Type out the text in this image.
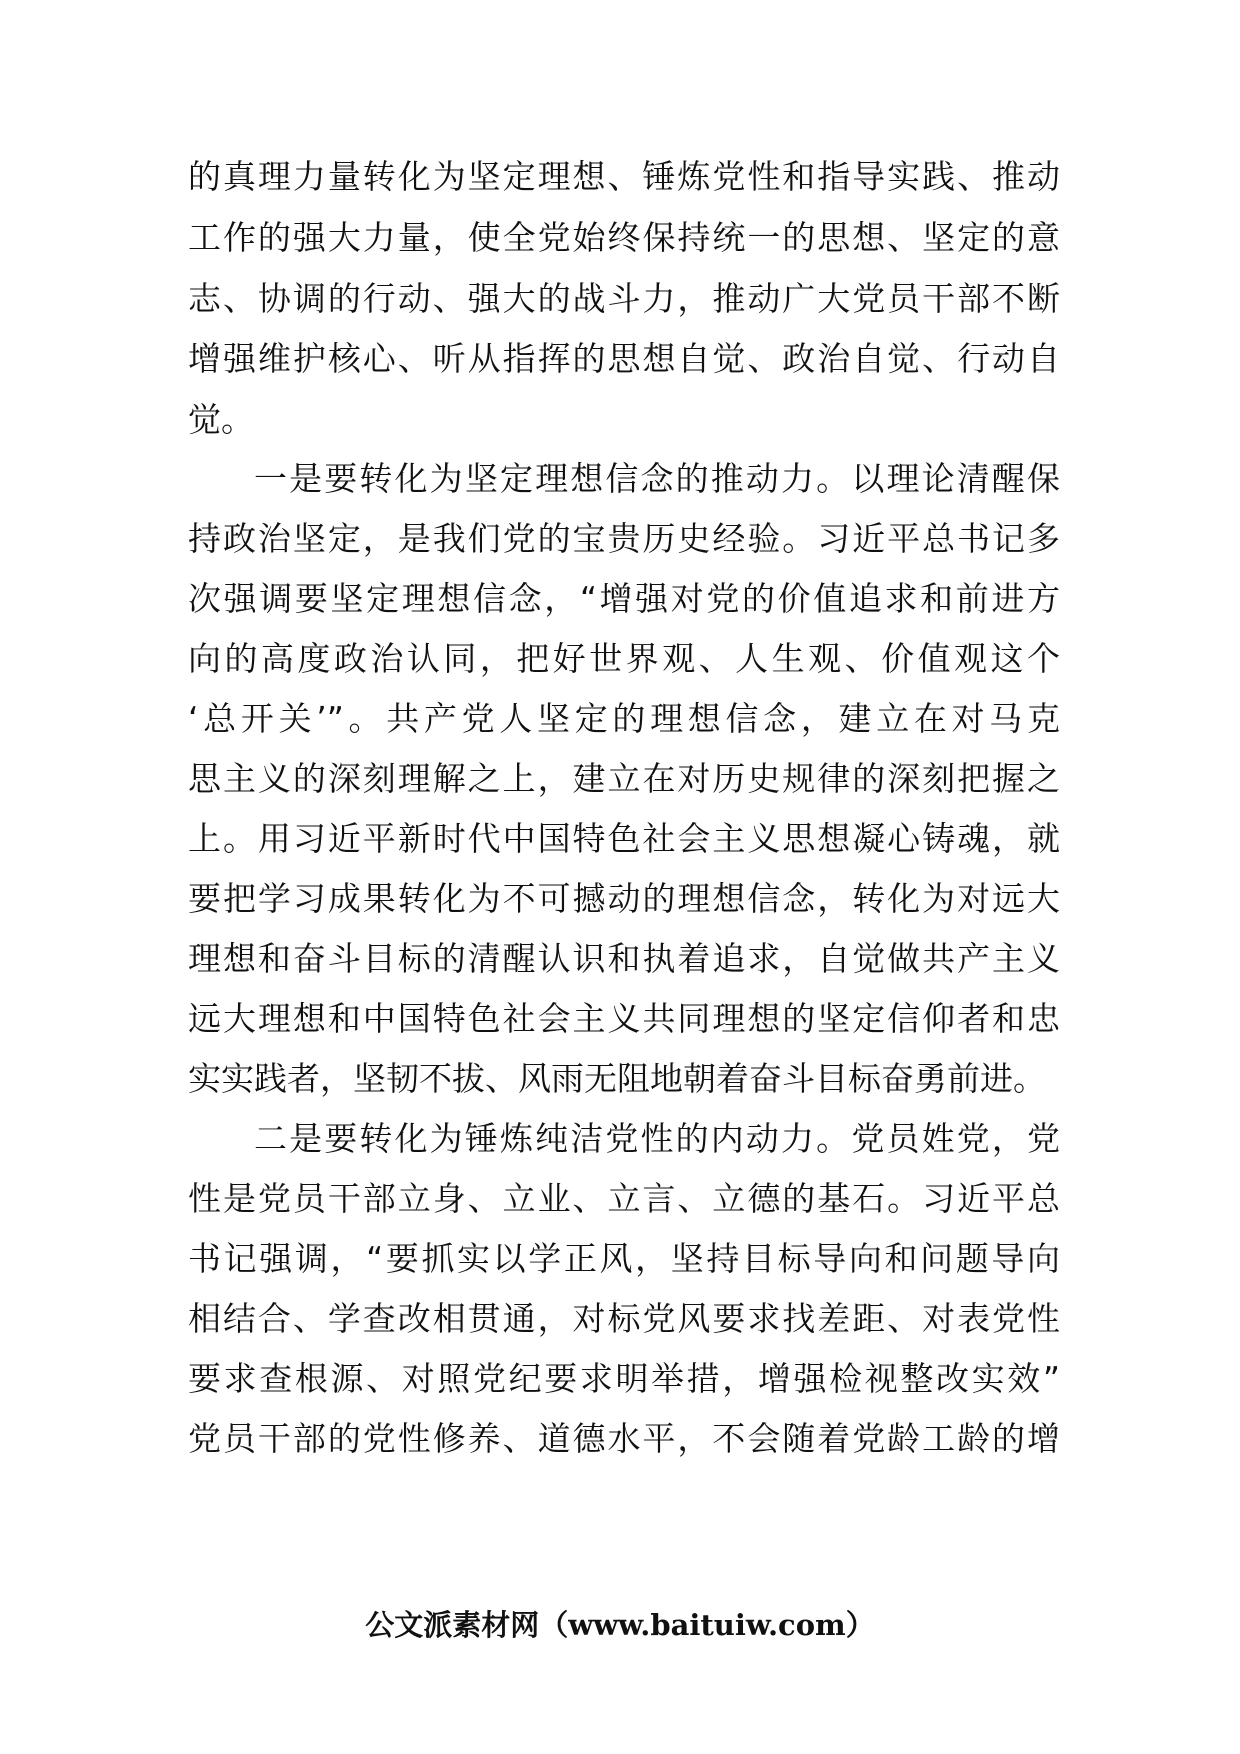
的真理力量转化为坚定理想、锤炼党性和指导实践、推动
工作的强大力量，使全党始终保持统一的思想、坚定的意
志、协调的行动、强大的战斗力，推动广大党员干部不断
增强维护核心、听从指挥的思想自觉、政治自觉、行动自
觉。
一是要转化为坚定理想信念的推动力。以理论清醒保
持政治坚定，是我们党的宝贵历史经验。习近平总书记多
次强调要坚定理想信念，“增强对党的价值追求和前进方
向的高度政治认同，把好世界观、人生观、价值观这个
‘总开关’”。共产党人坚定的理想信念，建立在对马克
思主义的深刻理解之上，建立在对历史规律的深刻把握之
上。用习近平新时代中国特色社会主义思想凝心铸魂，就
要把学习成果转化为不可撼动的理想信念，转化为对远大
理想和奋斗目标的清醒认识和执着追求，自觉做共产主义
远大理想和中国特色社会主义共同理想的坚定信仰者和忠
实实践者，坚韧不拔、风雨无阻地朝着奋斗目标奋勇前进。
二是要转化为锤炼纯洁党性的内动力。党员姓党，党
性是党员干部立身、立业、立言、立德的基石。习近平总
书记强调，“要抓实以学正风，坚持目标导向和问题导向
相结合、学查改相贯通，对标党风要求找差距、对表党性
要求查根源、对照党纪要求明举措，增强检视整改实效”
党员干部的党性修养、道德水平，不会随着党龄工龄的增
公文派素材网（www.baituiw.com）
